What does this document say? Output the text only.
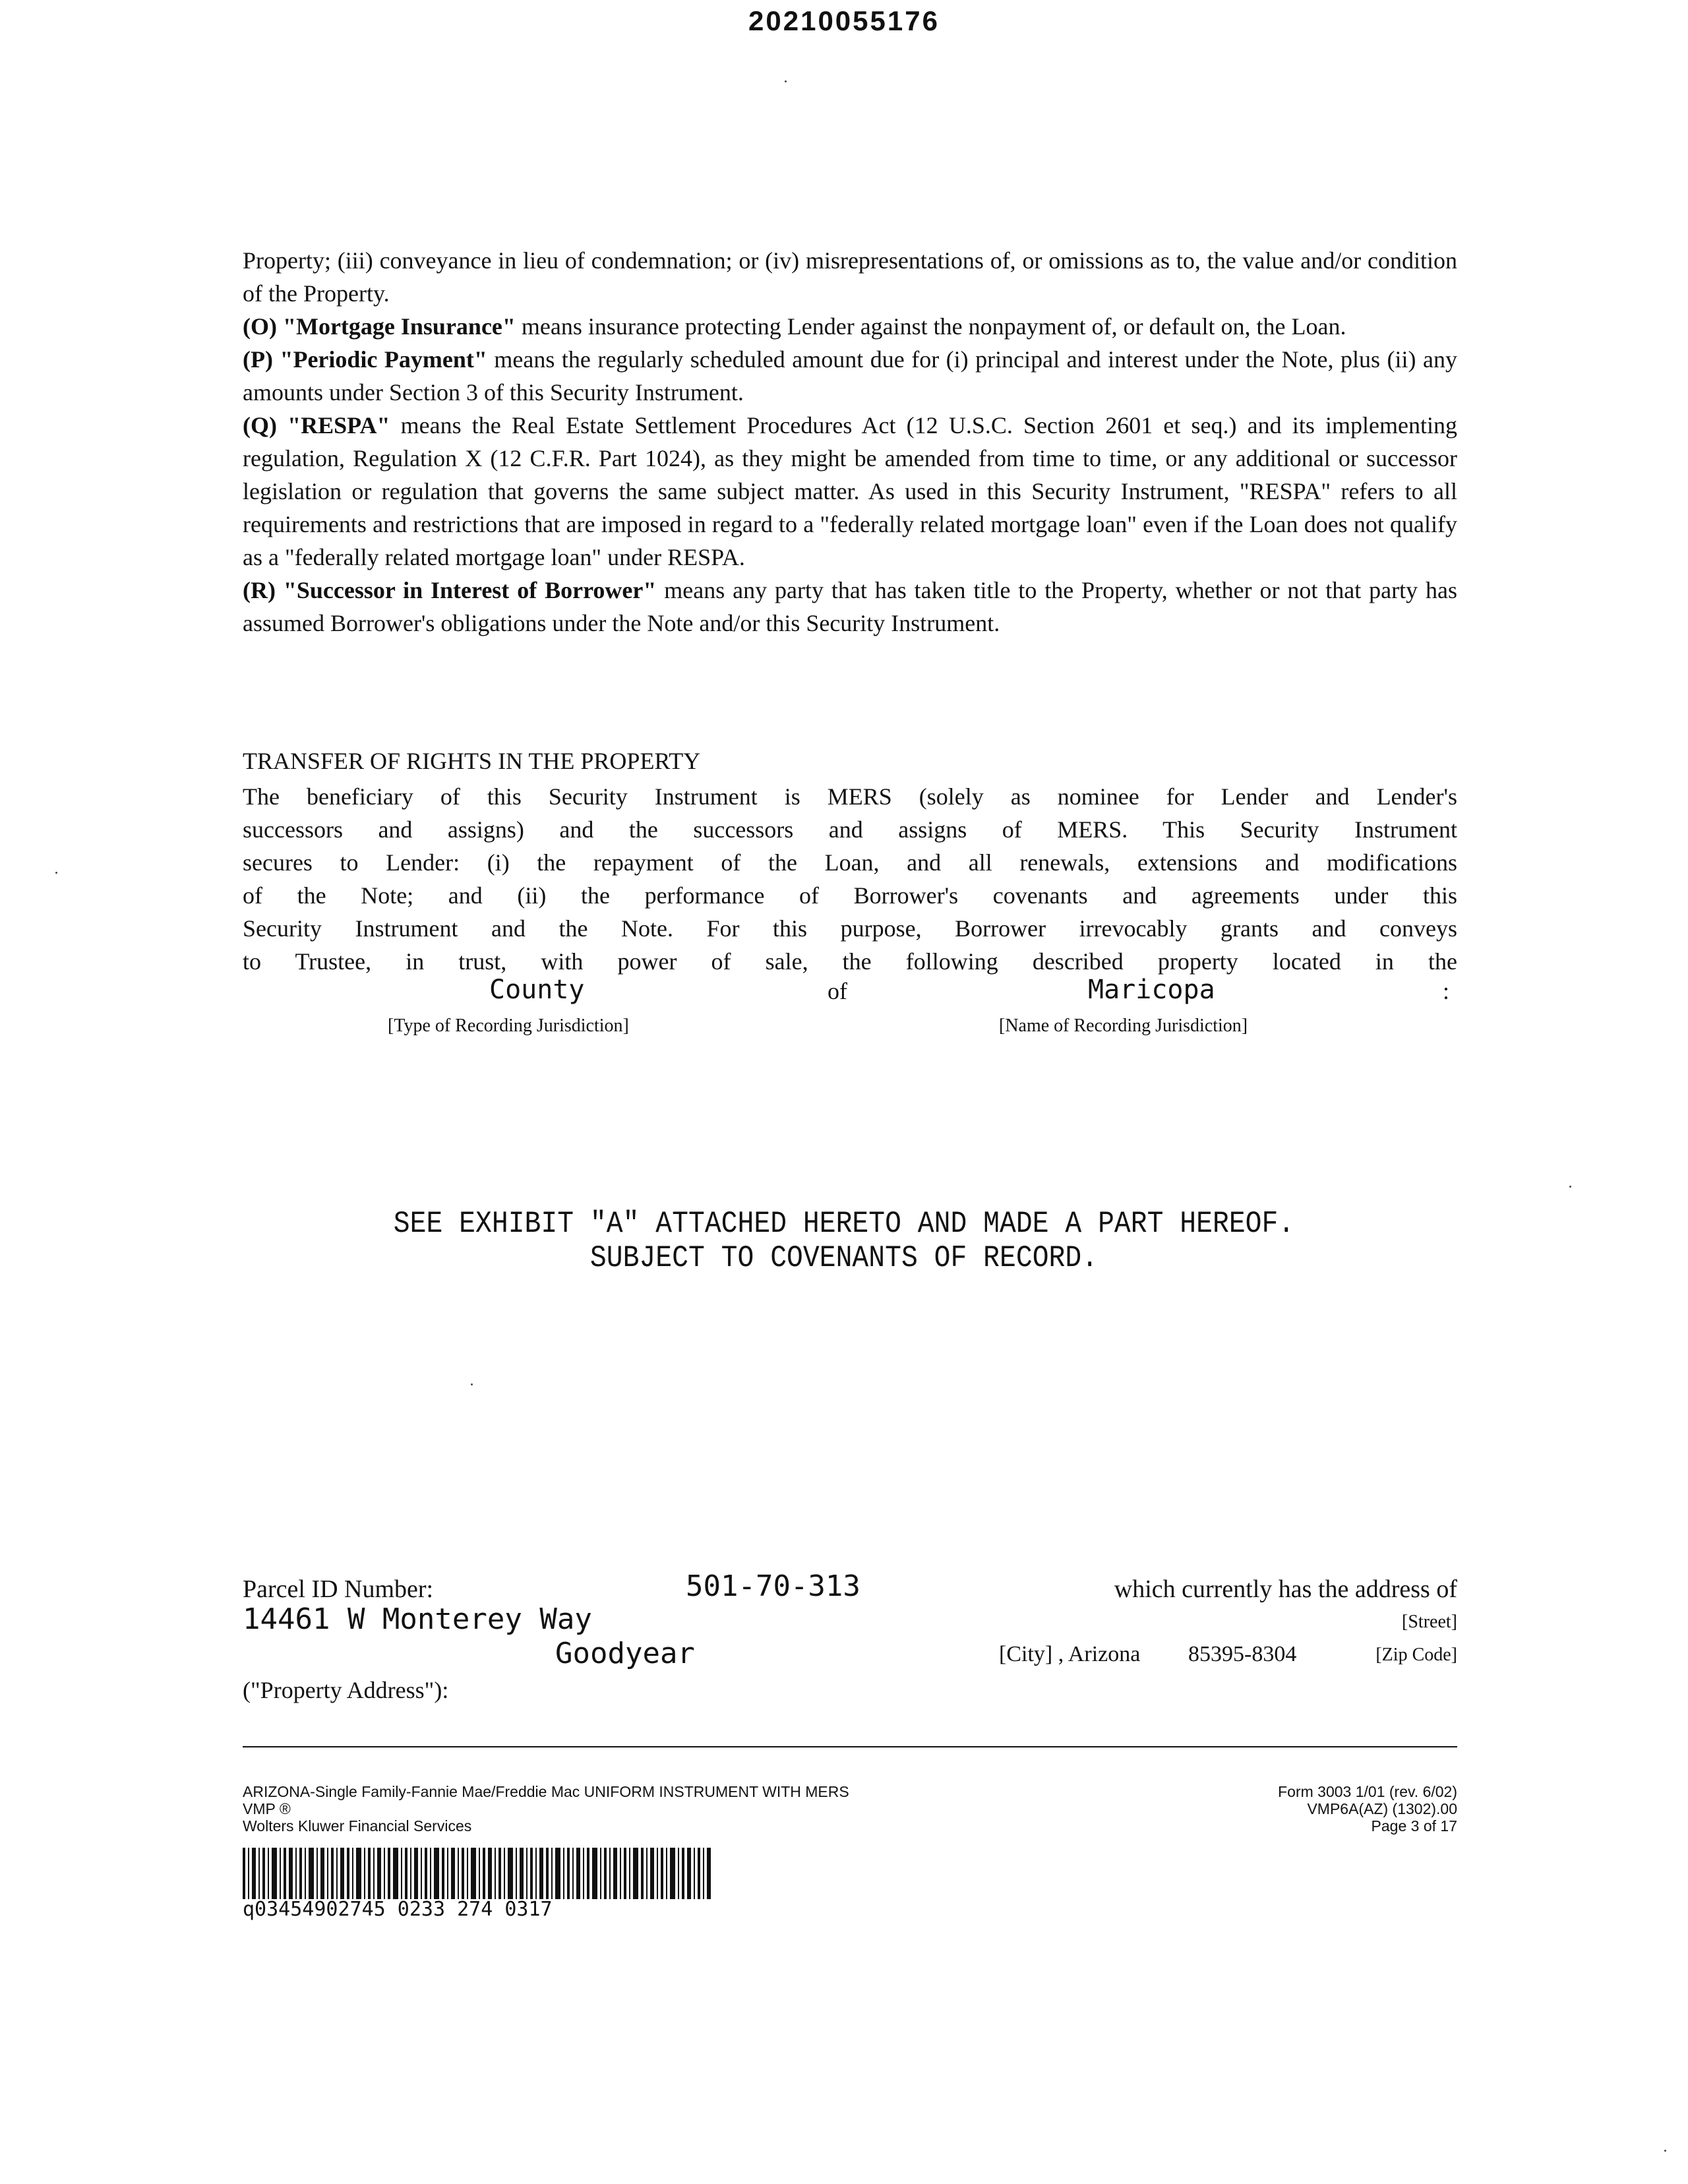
20210055176

Property; (iii) conveyance in lieu of condemnation; or (iv) misrepresentations of, or omissions as to, the value and/or condition of the Property.

(O) "Mortgage Insurance" means insurance protecting Lender against the nonpayment of, or default on, the Loan.

(P) "Periodic Payment" means the regularly scheduled amount due for (i) principal and interest under the Note, plus (ii) any amounts under Section 3 of this Security Instrument.

(Q) "RESPA" means the Real Estate Settlement Procedures Act (12 U.S.C. Section 2601 et seq.) and its implementing regulation, Regulation X (12 C.F.R. Part 1024), as they might be amended from time to time, or any additional or successor legislation or regulation that governs the same subject matter. As used in this Security Instrument, "RESPA" refers to all requirements and restrictions that are imposed in regard to a "federally related mortgage loan" even if the Loan does not qualify as a "federally related mortgage loan" under RESPA.

(R) "Successor in Interest of Borrower" means any party that has taken title to the Property, whether or not that party has assumed Borrower's obligations under the Note and/or this Security Instrument.

TRANSFER OF RIGHTS IN THE PROPERTY
The beneficiary of this Security Instrument is MERS (solely as nominee for Lender and Lender's
successors and assigns) and the successors and assigns of MERS. This Security Instrument
secures to Lender: (i) the repayment of the Loan, and all renewals, extensions and modifications
of the Note; and (ii) the performance of Borrower's covenants and agreements under this
Security Instrument and the Note. For this purpose, Borrower irrevocably grants and conveys
to Trustee, in trust, with power of sale, the following described property located in the
County	of	Maricopa	:
[Type of Recording Jurisdiction]	[Name of Recording Jurisdiction]
SEE EXHIBIT "A" ATTACHED HERETO AND MADE A PART HEREOF.
SUBJECT TO COVENANTS OF RECORD.
Parcel ID Number:	501-70-313	which currently has the address of
14461 W Monterey Way	[Street]
Goodyear	[City] , Arizona 85395-8304	[Zip Code]
("Property Address"):
ARIZONA-Single Family-Fannie Mae/Freddie Mac UNIFORM INSTRUMENT WITH MERS
VMP ®
Wolters Kluwer Financial Services
Form 3003 1/01 (rev. 6/02)
VMP6A(AZ) (1302).00
Page 3 of 17
q03454902745 0233 274 0317
